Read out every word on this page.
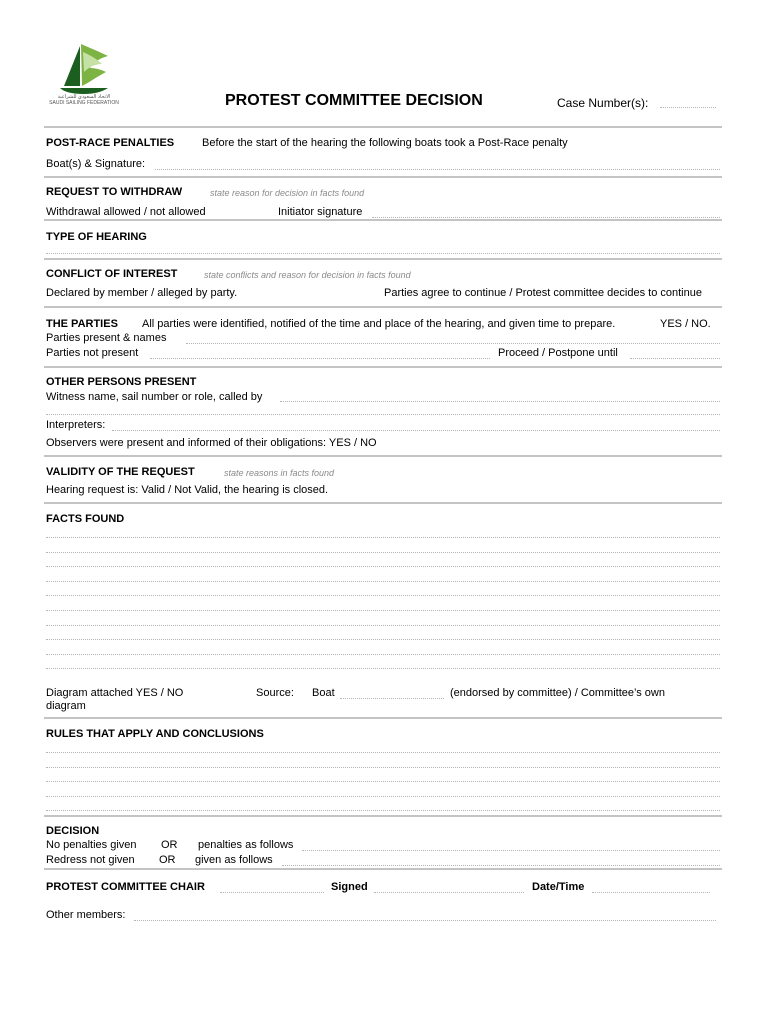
الاتحاد السعودي للشراعية
SAUDI SAILING FEDERATION	PROTEST COMMITTEE DECISION	Case Number(s):
POST-RACE PENALTIES	Before the start of the hearing the following boats took a Post-Race penalty
Boat(s) & Signature:
REQUEST TO WITHDRAW	state reason for decision in facts found
Withdrawal allowed / not allowed	Initiator signature
TYPE OF HEARING
CONFLICT OF INTEREST	state conflicts and reason for decision in facts found
Declared by member / alleged by party.	Parties agree to continue / Protest committee decides to continue
THE PARTIES All parties were identified, notified of the time and place of the hearing, and given time to prepare.	YES / NO.
Parties present & names
Parties not present	Proceed / Postpone until
OTHER PERSONS PRESENT
Witness name, sail number or role, called by
Interpreters:
Observers were present and informed of their obligations: YES / NO
VALIDITY OF THE REQUEST	state reasons in facts found
Hearing request is: Valid / Not Valid, the hearing is closed.
FACTS FOUND
Diagram attached YES / NO	Source: Boat	(endorsed by committee) / Committee’s own
diagram
RULES THAT APPLY AND CONCLUSIONS
DECISION
No penalties given OR penalties as follows
Redress not given OR given as follows
PROTEST COMMITTEE CHAIR	Signed	Date/Time
Other members:
